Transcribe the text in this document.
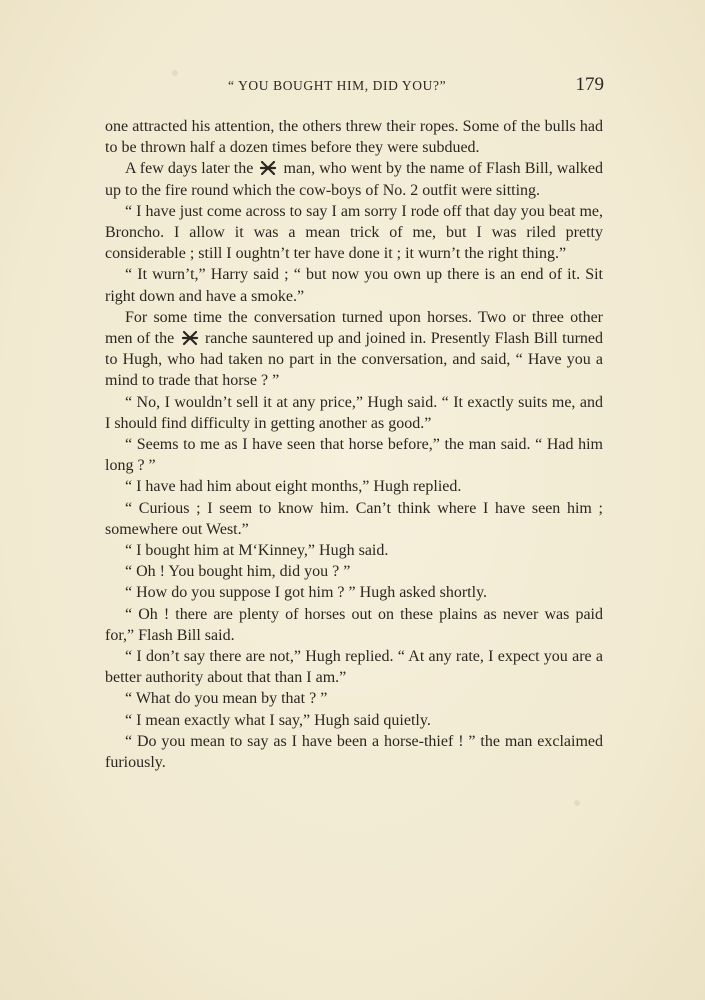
“ YOU BOUGHT HIM, DID YOU?”	179

one attracted his attention, the others threw their ropes. Some of the bulls had to be thrown half a dozen times before they were subdued.

A few days later the
man, who went by the name of Flash Bill, walked up to the fire round which the cow-boys of No. 2 outfit were sitting.

“ I have just come across to say I am sorry I rode off that day you beat me, Broncho. I allow it was a mean trick of me, but I was riled pretty considerable ; still I oughtn’t ter have done it ; it wurn’t the right thing.”

“ It wurn’t,” Harry said ; “ but now you own up there is an end of it. Sit right down and have a smoke.”

For some time the conversation turned upon horses. Two or three other men of the
ranche sauntered up and joined in. Presently Flash Bill turned to Hugh, who had taken no part in the conversation, and said, “ Have you a mind to trade that horse ? ”

“ No, I wouldn’t sell it at any price,” Hugh said. “ It exactly suits me, and I should find difficulty in getting another as good.”

“ Seems to me as I have seen that horse before,” the man said. “ Had him long ? ”

“ I have had him about eight months,” Hugh replied.

“ Curious ; I seem to know him. Can’t think where I have seen him ; somewhere out West.”

“ I bought him at M‘Kinney,” Hugh said.

“ Oh ! You bought him, did you ? ”

“ How do you suppose I got him ? ” Hugh asked shortly.

“ Oh ! there are plenty of horses out on these plains as never was paid for,” Flash Bill said.

“ I don’t say there are not,” Hugh replied. “ At any rate, I expect you are a better authority about that than I am.”

“ What do you mean by that ? ”

“ I mean exactly what I say,” Hugh said quietly.

“ Do you mean to say as I have been a horse-thief ! ” the man exclaimed furiously.
